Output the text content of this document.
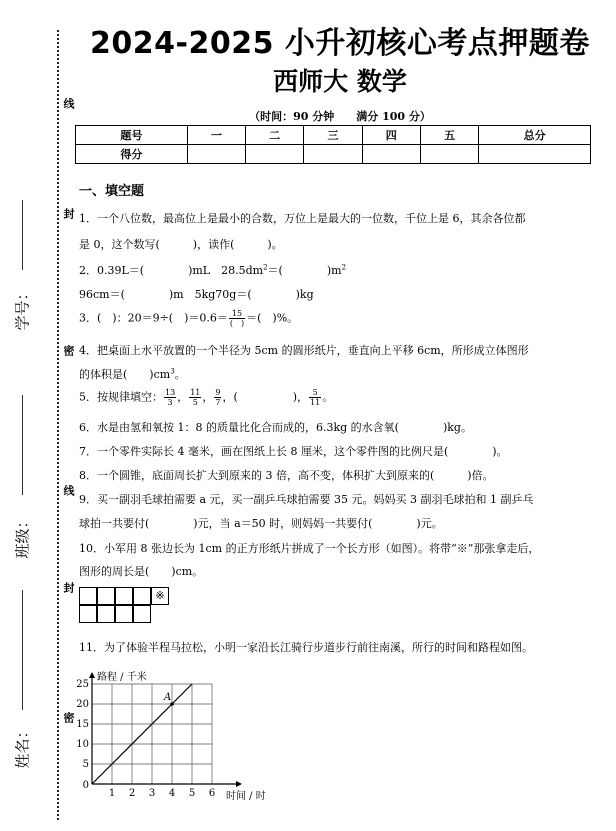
线
封
密
线
封
密
学号：
班级：
姓名：
2024-2025 小升初核心考点押题卷
西师大 数学
（时间：90 分钟　　满分 100 分）
题号	一	二	三	四	五	总分
得分						
一、填空题
1．一个八位数，最高位上是最小的合数，万位上是最大的一位数，千位上是 6，其余各位都
是 0，这个数写(　　　)，读作(　　　)。
2．0.39L＝(　　　　)mL　$28.5dm^2=$(　　　　)$m^2$
96cm＝(　　　　)m　5kg70g＝(　　　　)kg
3．(　)：20＝9÷(　)$=0.6= \frac{15}{( )}$ ＝(　)%。
4．把桌面上水平放置的一个半径为 5cm 的圆形纸片，垂直向上平移 6cm，所形成立体图形
的体积是(　　)$cm^3$。
5．按规律填空： $\frac{13}{3}$ ， $\frac{11}{5}$ ， $\frac{9}{7}$ ，(　　　　　)， $\frac{5}{11}$ 。
6．水是由氢和氧按 1：8 的质量比化合而成的，6.3kg 的水含氧(　　　　)kg。
7．一个零件实际长 4 毫米，画在图纸上长 8 厘米，这个零件图的比例尺是(　　　　)。
8．一个圆锥，底面周长扩大到原来的 3 倍，高不变，体积扩大到原来的(　　　)倍。
9．买一副羽毛球拍需要 a 元，买一副乒乓球拍需要 35 元。妈妈买 3 副羽毛球拍和 1 副乒乓
球拍一共要付(　　　　)元，当 a＝50 时，则妈妈一共要付(　　　　)元。
10．小军用 8 张边长为 1cm 的正方形纸片拼成了一个长方形（如图）。将带“※”那张拿走后，
图形的周长是(　　)cm。
※
11．为了体验半程马拉松，小明一家沿长江骑行步道步行前往南溪，所行的时间和路程如图。
1 2 3 4 5 6
5
10
15
20
25
0
路程 / 千米
时间 / 时
A
